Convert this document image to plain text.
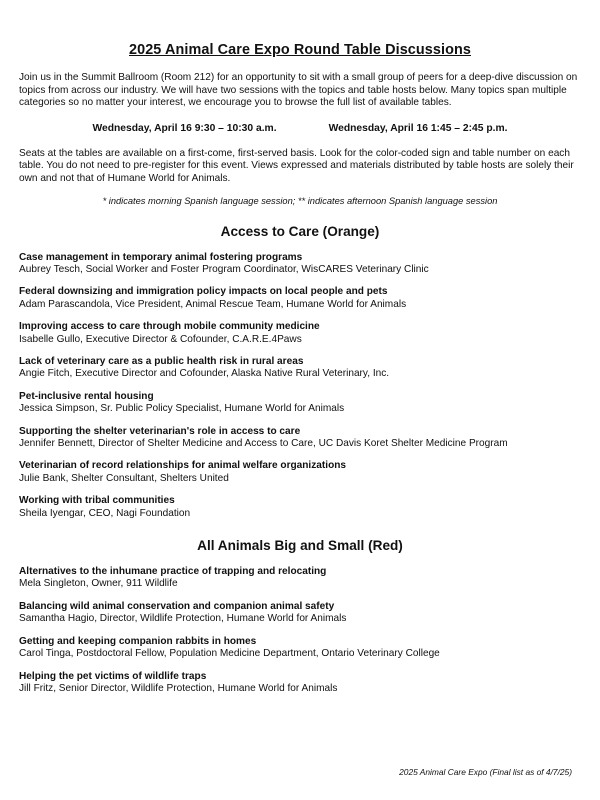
2025 Animal Care Expo Round Table Discussions

Join us in the Summit Ballroom (Room 212) for an opportunity to sit with a small group of peers for a deep-dive discussion on topics from across our industry. We will have two sessions with the topics and table hosts below. Many topics span multiple categories so no matter your interest, we encourage you to browse the full list of available tables.

Wednesday, April 16 9:30 – 10:30 a.m.	Wednesday, April 16 1:45 – 2:45 p.m.

Seats at the tables are available on a first-come, first-served basis. Look for the color-coded sign and table number on each table. You do not need to pre-register for this event. Views expressed and materials distributed by table hosts are solely their own and not that of Humane World for Animals.

* indicates morning Spanish language session; ** indicates afternoon Spanish language session

Access to Care (Orange)
Case management in temporary animal fostering programs
Aubrey Tesch, Social Worker and Foster Program Coordinator, WisCARES Veterinary Clinic
Federal downsizing and immigration policy impacts on local people and pets
Adam Parascandola, Vice President, Animal Rescue Team, Humane World for Animals
Improving access to care through mobile community medicine
Isabelle Gullo, Executive Director & Cofounder, C.A.R.E.4Paws
Lack of veterinary care as a public health risk in rural areas
Angie Fitch, Executive Director and Cofounder, Alaska Native Rural Veterinary, Inc.
Pet-inclusive rental housing
Jessica Simpson, Sr. Public Policy Specialist, Humane World for Animals
Supporting the shelter veterinarian's role in access to care
Jennifer Bennett, Director of Shelter Medicine and Access to Care, UC Davis Koret Shelter Medicine Program
Veterinarian of record relationships for animal welfare organizations
Julie Bank, Shelter Consultant, Shelters United
Working with tribal communities
Sheila Iyengar, CEO, Nagi Foundation
All Animals Big and Small (Red)
Alternatives to the inhumane practice of trapping and relocating
Mela Singleton, Owner, 911 Wildlife
Balancing wild animal conservation and companion animal safety
Samantha Hagio, Director, Wildlife Protection, Humane World for Animals
Getting and keeping companion rabbits in homes
Carol Tinga, Postdoctoral Fellow, Population Medicine Department, Ontario Veterinary College
Helping the pet victims of wildlife traps
Jill Fritz, Senior Director, Wildlife Protection, Humane World for Animals
2025 Animal Care Expo (Final list as of 4/7/25)
